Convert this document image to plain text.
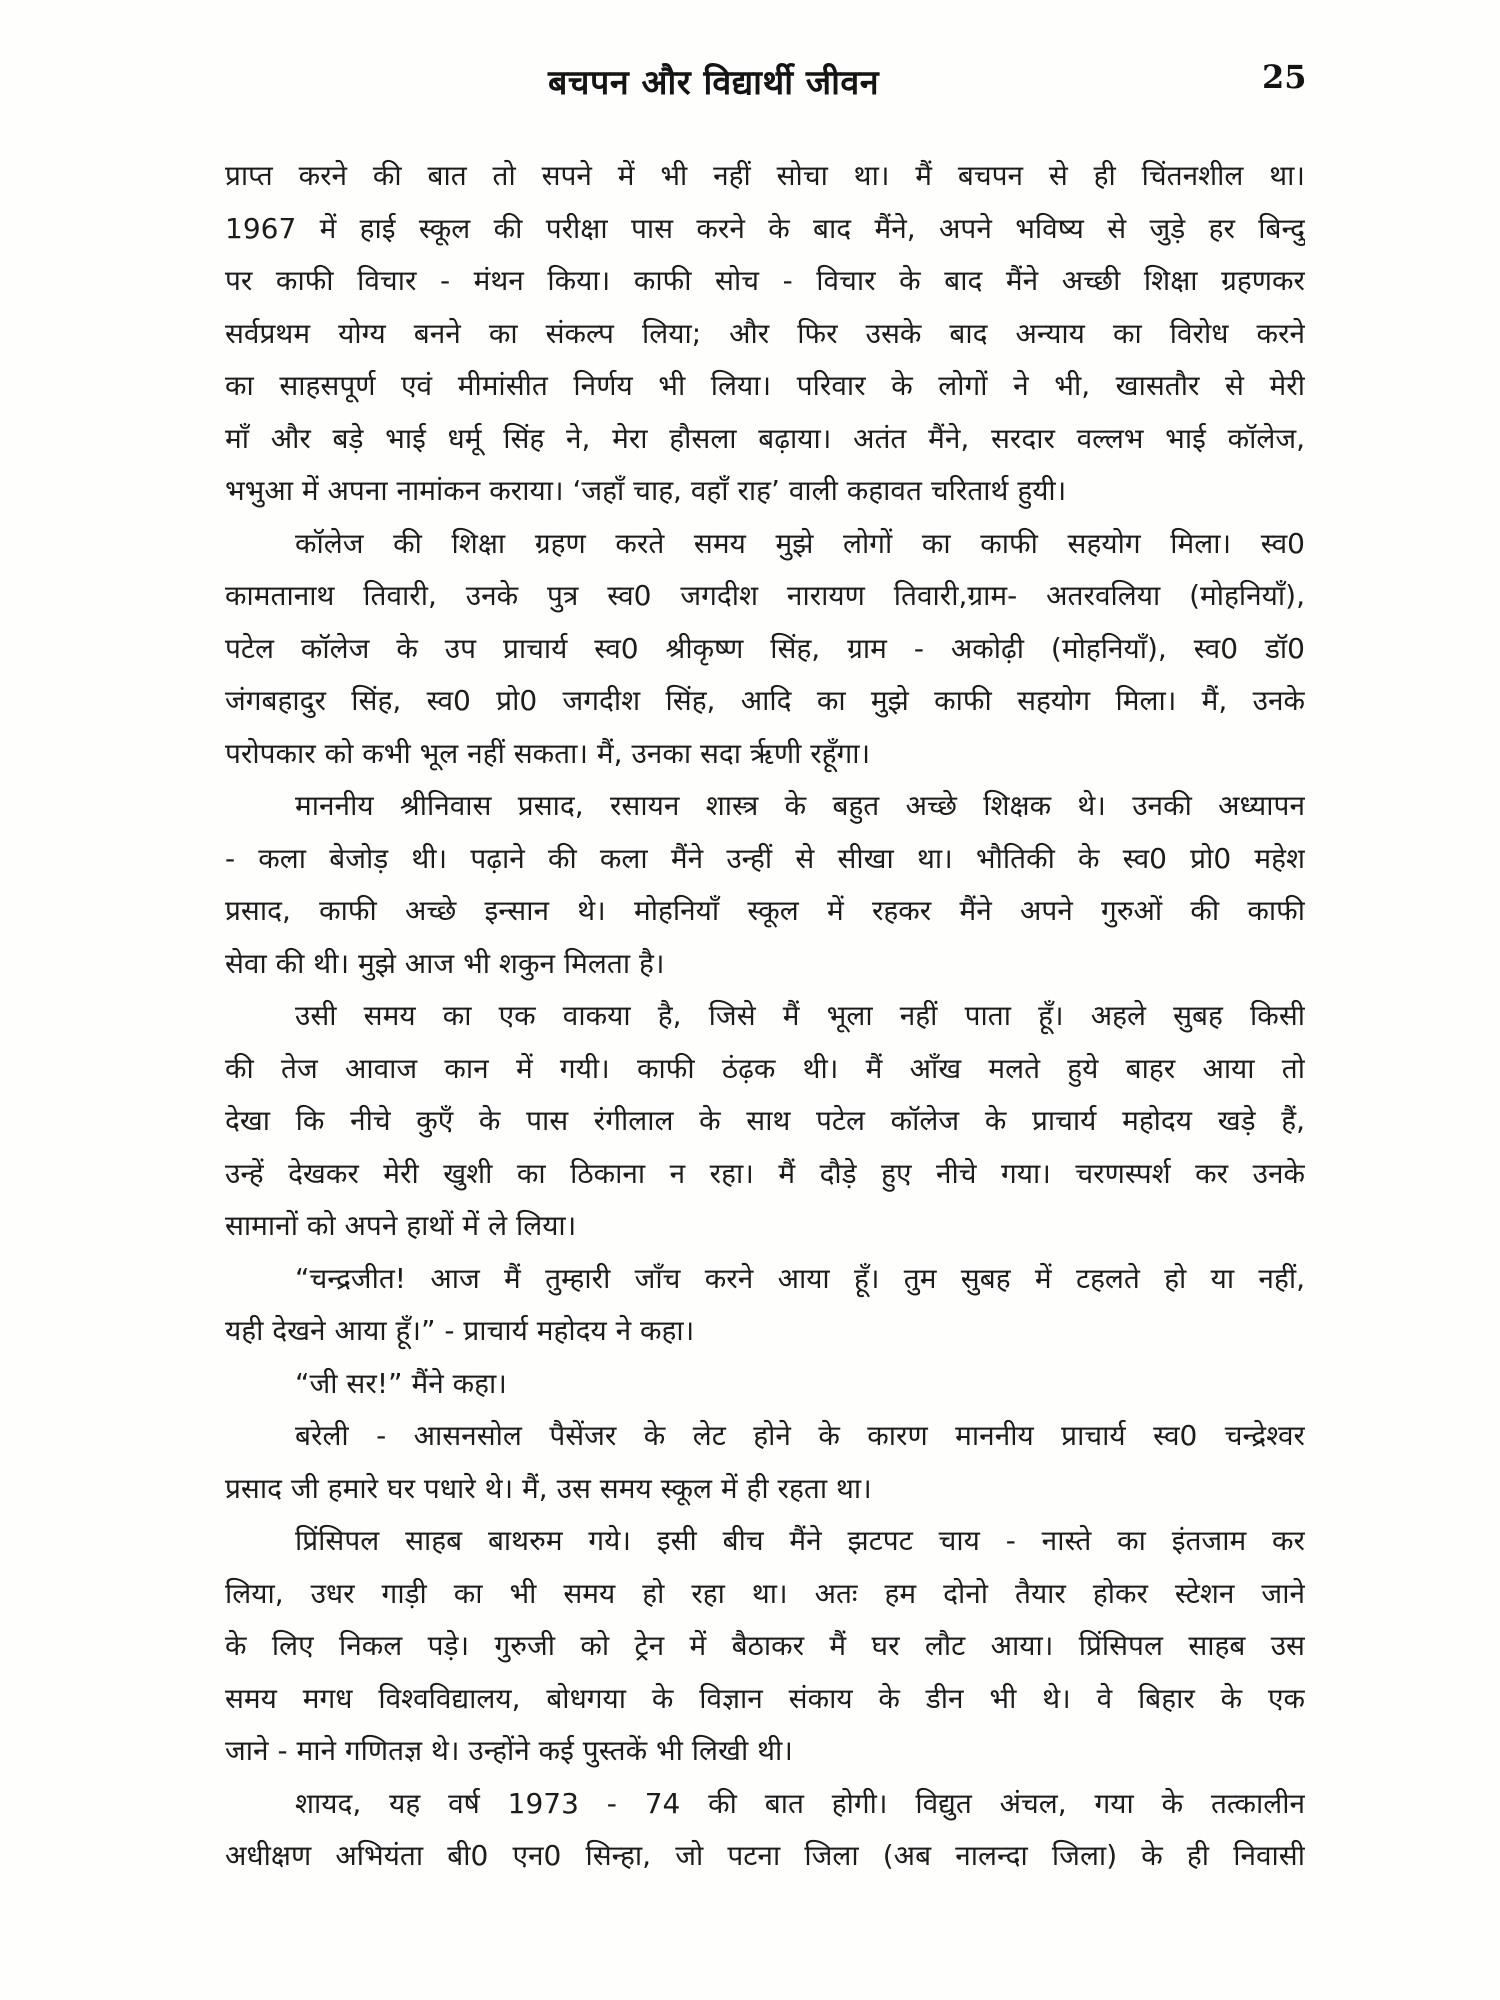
बचपन और विद्यार्थी जीवन	25
प्राप्त करने की बात तो सपने में भी नहीं सोचा था। मैं बचपन से ही चिंतनशील था।
1967 में हाई स्कूल की परीक्षा पास करने के बाद मैंने, अपने भविष्य से जुड़े हर बिन्दु
पर काफी विचार - मंथन किया। काफी सोच - विचार के बाद मैंने अच्छी शिक्षा ग्रहणकर
सर्वप्रथम योग्य बनने का संकल्प लिया; और फिर उसके बाद अन्याय का विरोध करने
का साहसपूर्ण एवं मीमांसीत निर्णय भी लिया। परिवार के लोगों ने भी, खासतौर से मेरी
माँ और बड़े भाई धर्मू सिंह ने, मेरा हौसला बढ़ाया। अतंत मैंने, सरदार वल्लभ भाई कॉलेज,
भभुआ में अपना नामांकन कराया। ‘जहाँ चाह, वहाँ राह’ वाली कहावत चरितार्थ हुयी।
कॉलेज की शिक्षा ग्रहण करते समय मुझे लोगों का काफी सहयोग मिला। स्व0
कामतानाथ तिवारी, उनके पुत्र स्व0 जगदीश नारायण तिवारी,ग्राम- अतरवलिया (मोहनियाँ),
पटेल कॉलेज के उप प्राचार्य स्व0 श्रीकृष्ण सिंह, ग्राम - अकोढ़ी (मोहनियाँ), स्व0 डॉ0
जंगबहादुर सिंह, स्व0 प्रो0 जगदीश सिंह, आदि का मुझे काफी सहयोग मिला। मैं, उनके
परोपकार को कभी भूल नहीं सकता। मैं, उनका सदा ऋृणी रहूँगा।
माननीय श्रीनिवास प्रसाद, रसायन शास्त्र के बहुत अच्छे शिक्षक थे। उनकी अध्यापन
- कला बेजोड़ थी। पढ़ाने की कला मैंने उन्हीं से सीखा था। भौतिकी के स्व0 प्रो0 महेश
प्रसाद, काफी अच्छे इन्सान थे। मोहनियाँ स्कूल में रहकर मैंने अपने गुरुओं की काफी
सेवा की थी। मुझे आज भी शकुन मिलता है।
उसी समय का एक वाकया है, जिसे मैं भूला नहीं पाता हूँ। अहले सुबह किसी
की तेज आवाज कान में गयी। काफी ठंढ़क थी। मैं आँख मलते हुये बाहर आया तो
देखा कि नीचे कुएँ के पास रंगीलाल के साथ पटेल कॉलेज के प्राचार्य महोदय खड़े हैं,
उन्हें देखकर मेरी खुशी का ठिकाना न रहा। मैं दौड़े हुए नीचे गया। चरणस्पर्श कर उनके
सामानों को अपने हाथों में ले लिया।
“चन्द्रजीत! आज मैं तुम्हारी जाँच करने आया हूँ। तुम सुबह में टहलते हो या नहीं,
यही देखने आया हूँ।” - प्राचार्य महोदय ने कहा।
“जी सर!” मैंने कहा।
बरेली - आसनसोल पैसेंजर के लेट होने के कारण माननीय प्राचार्य स्व0 चन्द्रेश्वर
प्रसाद जी हमारे घर पधारे थे। मैं, उस समय स्कूल में ही रहता था।
प्रिंसिपल साहब बाथरुम गये। इसी बीच मैंने झटपट चाय - नास्ते का इंतजाम कर
लिया, उधर गाड़ी का भी समय हो रहा था। अतः हम दोनो तैयार होकर स्टेशन जाने
के लिए निकल पड़े। गुरुजी को ट्रेन में बैठाकर मैं घर लौट आया। प्रिंसिपल साहब उस
समय मगध विश्वविद्यालय, बोधगया के विज्ञान संकाय के डीन भी थे। वे बिहार के एक
जाने - माने गणितज्ञ थे। उन्होंने कई पुस्तकें भी लिखी थी।
शायद, यह वर्ष 1973 - 74 की बात होगी। विद्युत अंचल, गया के तत्कालीन
अधीक्षण अभियंता बी0 एन0 सिन्हा, जो पटना जिला (अब नालन्दा जिला) के ही निवासी
